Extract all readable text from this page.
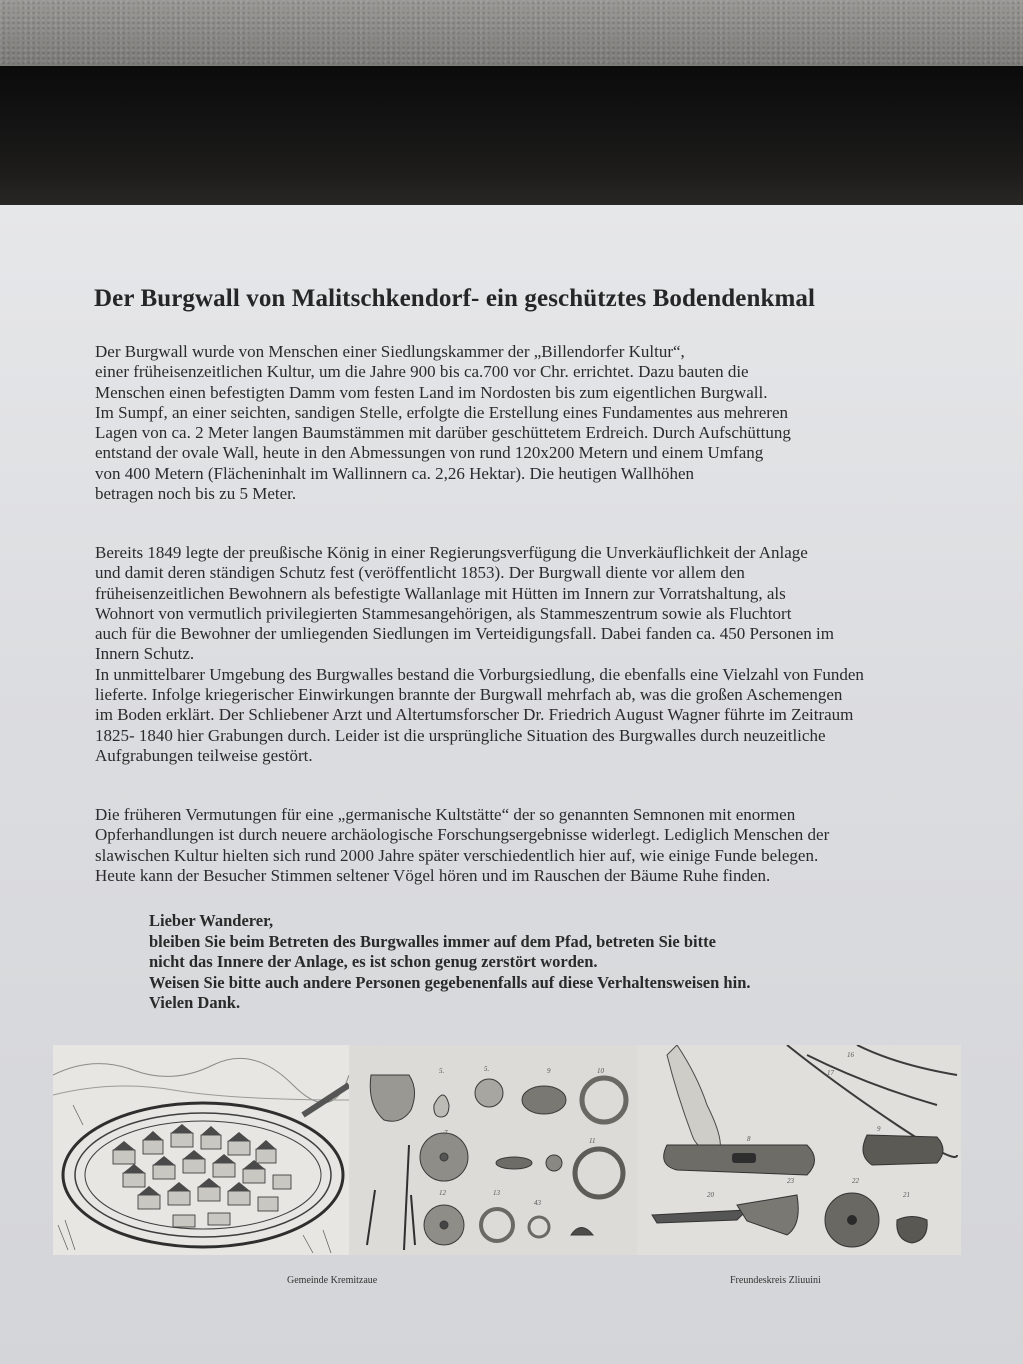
Der Burgwall von Malitschkendorf- ein geschütztes Bodendenkmal
Der Burgwall wurde von Menschen einer Siedlungskammer der „Billendorfer Kultur“,
einer früheisenzeitlichen Kultur, um die Jahre 900 bis ca.700 vor Chr. errichtet. Dazu bauten die
Menschen einen befestigten Damm vom festen Land im Nordosten bis zum eigentlichen Burgwall.
Im Sumpf, an einer seichten, sandigen Stelle, erfolgte die Erstellung eines Fundamentes aus mehreren
Lagen von ca. 2 Meter langen Baumstämmen mit darüber geschüttetem Erdreich. Durch Aufschüttung
entstand der ovale Wall, heute in den Abmessungen von rund 120x200 Metern und einem Umfang
von 400 Metern (Flächeninhalt im Wallinnern ca. 2,26 Hektar). Die heutigen Wallhöhen
betragen noch bis zu 5 Meter.
Bereits 1849 legte der preußische König in einer Regierungsverfügung die Unverkäuflichkeit der Anlage
und damit deren ständigen Schutz fest (veröffentlicht 1853). Der Burgwall diente vor allem den
früheisenzeitlichen Bewohnern als befestigte Wallanlage mit Hütten im Innern zur Vorratshaltung, als
Wohnort von vermutlich privilegierten Stammesangehörigen, als Stammeszentrum sowie als Fluchtort
auch für die Bewohner der umliegenden Siedlungen im Verteidigungsfall. Dabei fanden ca. 450 Personen im
Innern Schutz.
In unmittelbarer Umgebung des Burgwalles bestand die Vorburgsiedlung, die ebenfalls eine Vielzahl von Funden
lieferte. Infolge kriegerischer Einwirkungen brannte der Burgwall mehrfach ab, was die großen Aschemengen
im Boden erklärt. Der Schliebener Arzt und Altertumsforscher Dr. Friedrich August Wagner führte im Zeitraum
1825- 1840 hier Grabungen durch. Leider ist die ursprüngliche Situation des Burgwalles durch neuzeitliche
Aufgrabungen teilweise gestört.
Die früheren Vermutungen für eine „germanische Kultstätte“ der so genannten Semnonen mit enormen
Opferhandlungen ist durch neuere archäologische Forschungsergebnisse widerlegt. Lediglich Menschen der
slawischen Kultur hielten sich rund 2000 Jahre später verschiedentlich hier auf, wie einige Funde belegen.
Heute kann der Besucher Stimmen seltener Vögel hören und im Rauschen der Bäume Ruhe finden.
Lieber Wanderer,
bleiben Sie beim Betreten des Burgwalles immer auf dem Pfad, betreten Sie bitte
nicht das Innere der Anlage, es ist schon genug zerstört worden.
Weisen Sie bitte auch andere Personen gegebenenfalls auf diese Verhaltensweisen hin.
Vielen Dank.
5.	5.	9	10
7
11
12	13
43
16
17
8
9
20
23	22
21
Gemeinde Kremitzaue	Freundeskreis Zliuuini
